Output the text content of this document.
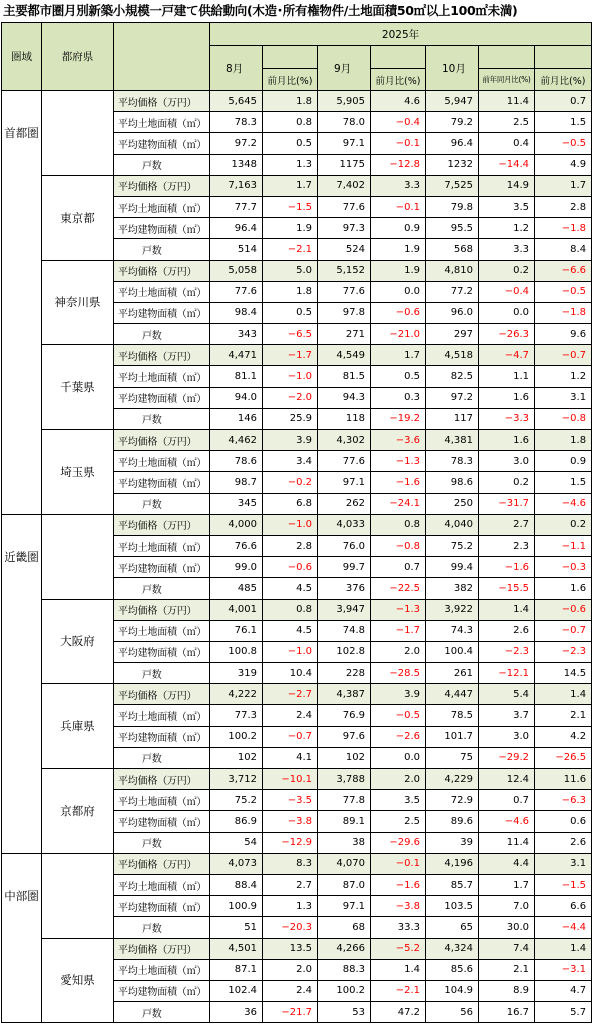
主要都市圏月別新築小規模一戸建て供給動向(木造･所有権物件/土地面積50㎡以上100㎡未満)
圏域	都府県		2025年						
			8月		9月		10月		
				前月比(%)		前月比(%)		前年同月比(%)	前月比(%)
首都圏		平均価格（万円）	5,645	1.8	5,905	4.6	5,947	11.4	0.7
		平均土地面積（㎡）	78.3	0.8	78.0	−0.4	79.2	2.5	1.5
		平均建物面積（㎡）	97.2	0.5	97.1	−0.1	96.4	0.4	−0.5
		戸数	1348	1.3	1175	−12.8	1232	−14.4	4.9
	東京都	平均価格（万円）	7,163	1.7	7,402	3.3	7,525	14.9	1.7
		平均土地面積（㎡）	77.7	−1.5	77.6	−0.1	79.8	3.5	2.8
		平均建物面積（㎡）	96.4	1.9	97.3	0.9	95.5	1.2	−1.8
		戸数	514	−2.1	524	1.9	568	3.3	8.4
	神奈川県	平均価格（万円）	5,058	5.0	5,152	1.9	4,810	0.2	−6.6
		平均土地面積（㎡）	77.6	1.8	77.6	0.0	77.2	−0.4	−0.5
		平均建物面積（㎡）	98.4	0.5	97.8	−0.6	96.0	0.0	−1.8
		戸数	343	−6.5	271	−21.0	297	−26.3	9.6
	千葉県	平均価格（万円）	4,471	−1.7	4,549	1.7	4,518	−4.7	−0.7
		平均土地面積（㎡）	81.1	−1.0	81.5	0.5	82.5	1.1	1.2
		平均建物面積（㎡）	94.0	−2.0	94.3	0.3	97.2	1.6	3.1
		戸数	146	25.9	118	−19.2	117	−3.3	−0.8
	埼玉県	平均価格（万円）	4,462	3.9	4,302	−3.6	4,381	1.6	1.8
		平均土地面積（㎡）	78.6	3.4	77.6	−1.3	78.3	3.0	0.9
		平均建物面積（㎡）	98.7	−0.2	97.1	−1.6	98.6	0.2	1.5
		戸数	345	6.8	262	−24.1	250	−31.7	−4.6
近畿圏		平均価格（万円）	4,000	−1.0	4,033	0.8	4,040	2.7	0.2
		平均土地面積（㎡）	76.6	2.8	76.0	−0.8	75.2	2.3	−1.1
		平均建物面積（㎡）	99.0	−0.6	99.7	0.7	99.4	−1.6	−0.3
		戸数	485	4.5	376	−22.5	382	−15.5	1.6
	大阪府	平均価格（万円）	4,001	0.8	3,947	−1.3	3,922	1.4	−0.6
		平均土地面積（㎡）	76.1	4.5	74.8	−1.7	74.3	2.6	−0.7
		平均建物面積（㎡）	100.8	−1.0	102.8	2.0	100.4	−2.3	−2.3
		戸数	319	10.4	228	−28.5	261	−12.1	14.5
	兵庫県	平均価格（万円）	4,222	−2.7	4,387	3.9	4,447	5.4	1.4
		平均土地面積（㎡）	77.3	2.4	76.9	−0.5	78.5	3.7	2.1
		平均建物面積（㎡）	100.2	−0.7	97.6	−2.6	101.7	3.0	4.2
		戸数	102	4.1	102	0.0	75	−29.2	−26.5
	京都府	平均価格（万円）	3,712	−10.1	3,788	2.0	4,229	12.4	11.6
		平均土地面積（㎡）	75.2	−3.5	77.8	3.5	72.9	0.7	−6.3
		平均建物面積（㎡）	86.9	−3.8	89.1	2.5	89.6	−4.6	0.6
		戸数	54	−12.9	38	−29.6	39	11.4	2.6
中部圏		平均価格（万円）	4,073	8.3	4,070	−0.1	4,196	4.4	3.1
		平均土地面積（㎡）	88.4	2.7	87.0	−1.6	85.7	1.7	−1.5
		平均建物面積（㎡）	100.9	1.3	97.1	−3.8	103.5	7.0	6.6
		戸数	51	−20.3	68	33.3	65	30.0	−4.4
	愛知県	平均価格（万円）	4,501	13.5	4,266	−5.2	4,324	7.4	1.4
		平均土地面積（㎡）	87.1	2.0	88.3	1.4	85.6	2.1	−3.1
		平均建物面積（㎡）	102.4	2.4	100.2	−2.1	104.9	8.9	4.7
		戸数	36	−21.7	53	47.2	56	16.7	5.7
